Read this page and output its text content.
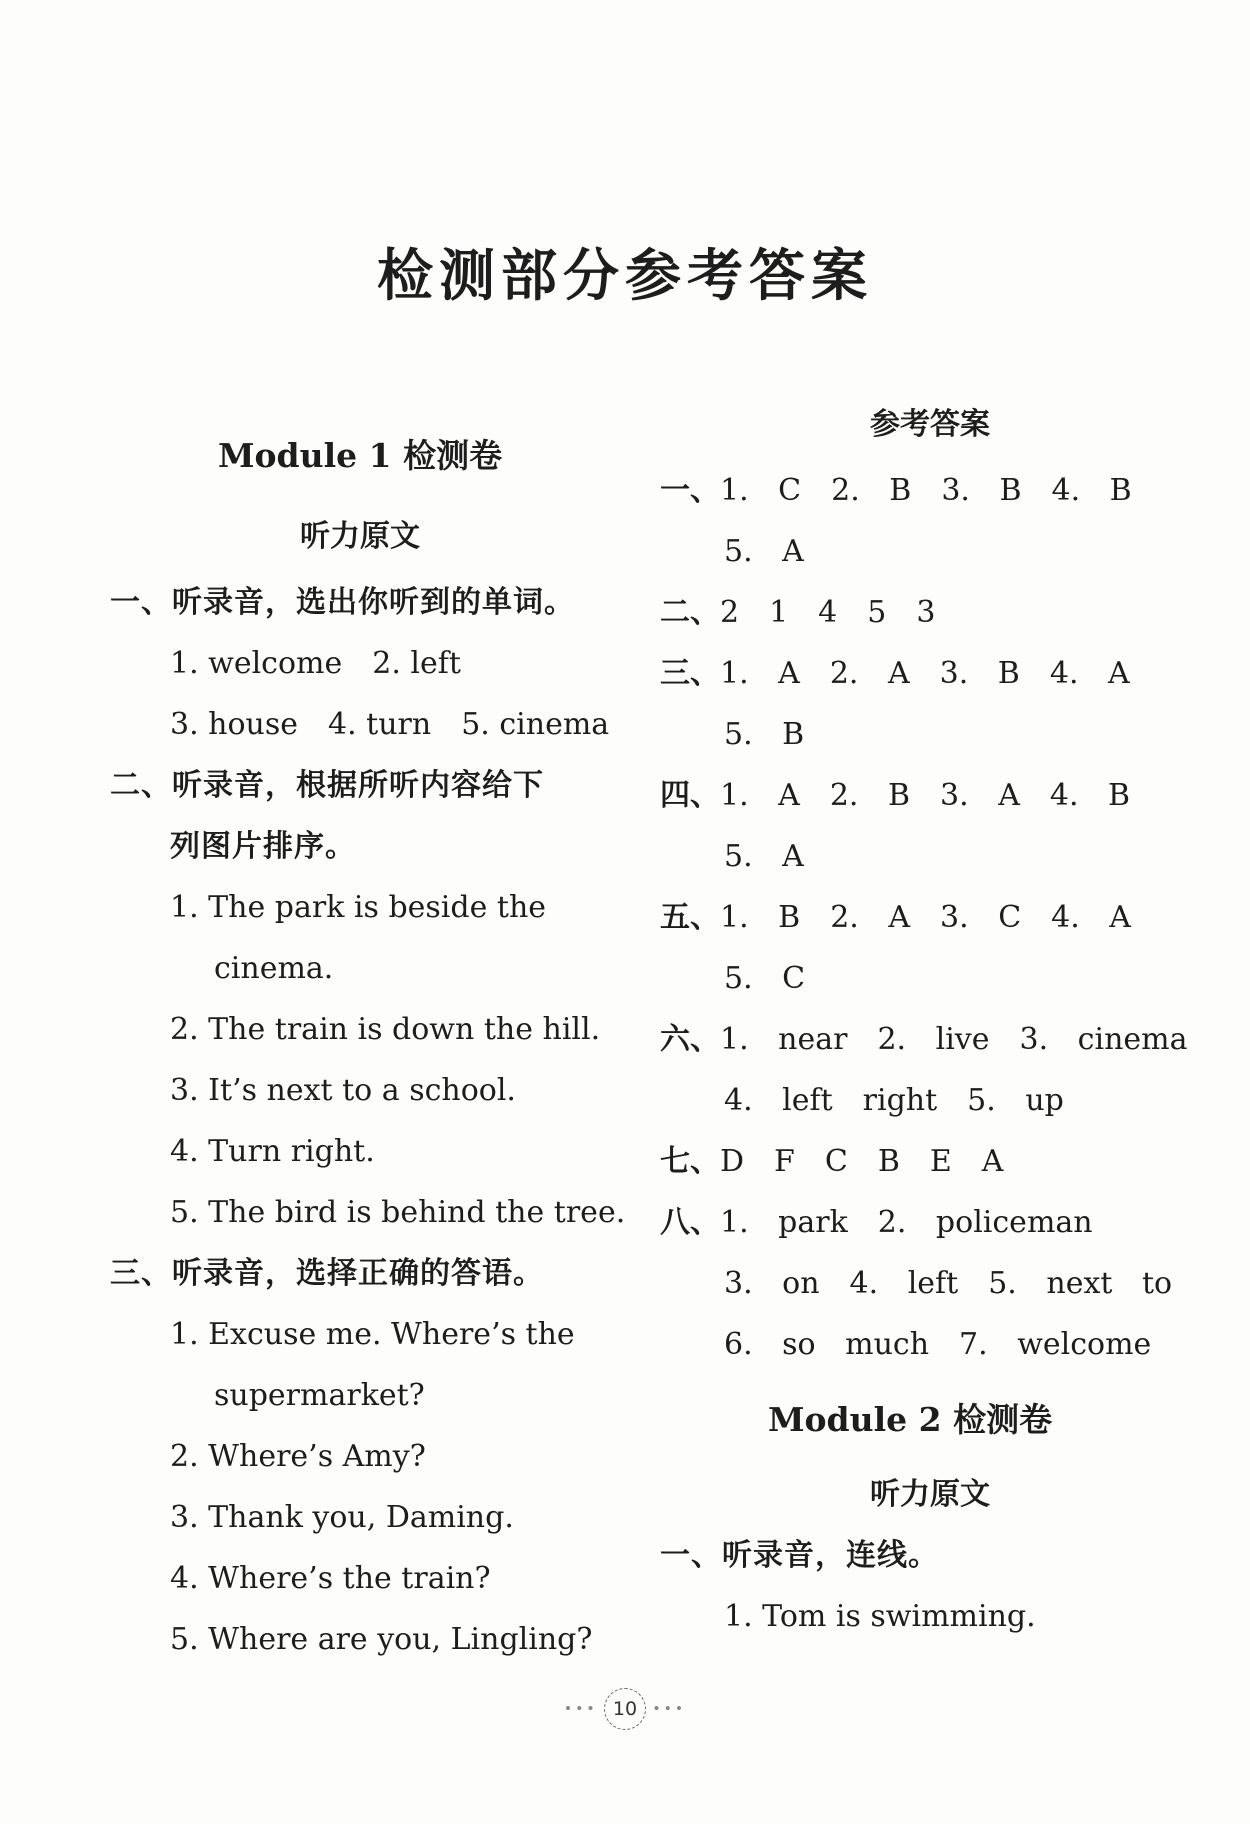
检测部分参考答案

Module 1 检测卷

听力原文

一、听录音，选出你听到的单词。

1. welcome　2. left

3. house　4. turn　5. cinema

二、听录音，根据所听内容给下

列图片排序。

1. The park is beside the

cinema.

2. The train is down the hill.

3. It’s next to a school.

4. Turn right.

5. The bird is behind the tree.

三、听录音，选择正确的答语。

1. Excuse me. Where’s the

supermarket?

2. Where’s Amy?

3. Thank you, Daming.

4. Where’s the train?

5. Where are you, Lingling?

参考答案

一、1. C　2. B　3. B　4. B

5. A

二、2　1　4　5　3

三、1. A　2. A　3. B　4. A

5. B

四、1. A　2. B　3. A　4. B

5. A

五、1. B　2. A　3. C　4. A

5. C

六、1. near　2. live　3. cinema

4. left　right　5. up

七、D　F　C　B　E　A

八、1. park　2. policeman

3. on　4. left　5. next to

6. so much　7. welcome

Module 2 检测卷

听力原文

一、听录音，连线。

1. Tom is swimming.

••• 10 •••
